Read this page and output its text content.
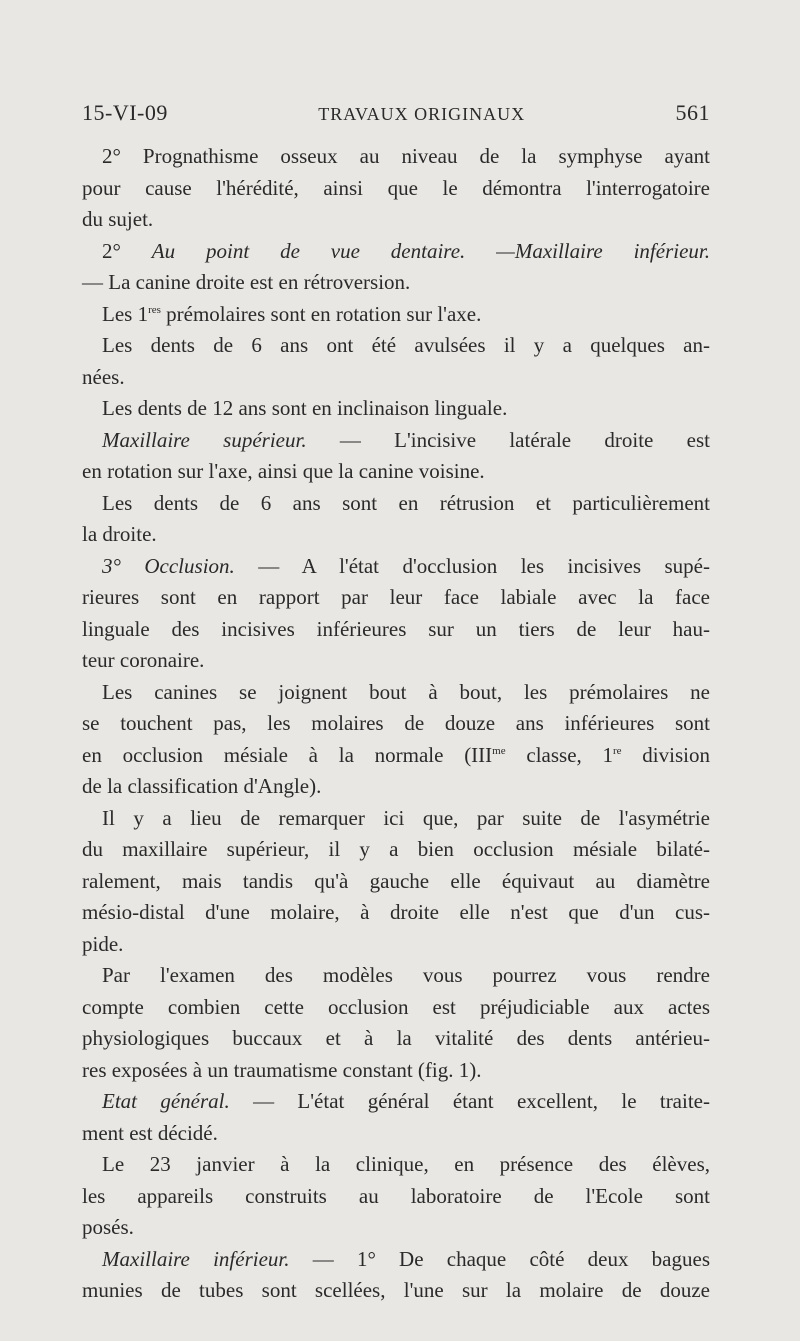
15-VI-09	TRAVAUX ORIGINAUX	561
2° Prognathisme osseux au niveau de la symphyse ayant
pour cause l'hérédité, ainsi que le démontra l'interrogatoire
du sujet.
2° Au point de vue dentaire. —Maxillaire inférieur.
— La canine droite est en rétroversion.
Les 1res prémolaires sont en rotation sur l'axe.
Les dents de 6 ans ont été avulsées il y a quelques an-
nées.
Les dents de 12 ans sont en inclinaison linguale.
Maxillaire supérieur. — L'incisive latérale droite est
en rotation sur l'axe, ainsi que la canine voisine.
Les dents de 6 ans sont en rétrusion et particulièrement
la droite.
3° Occlusion. — A l'état d'occlusion les incisives supé-
rieures sont en rapport par leur face labiale avec la face
linguale des incisives inférieures sur un tiers de leur hau-
teur coronaire.
Les canines se joignent bout à bout, les prémolaires ne
se touchent pas, les molaires de douze ans inférieures sont
en occlusion mésiale à la normale ($III^{me}$ classe, 1re division
de la classification d'Angle).
Il y a lieu de remarquer ici que, par suite de l'asymétrie
du maxillaire supérieur, il y a bien occlusion mésiale bilaté-
ralement, mais tandis qu'à gauche elle équivaut au diamètre
mésio-distal d'une molaire, à droite elle n'est que d'un cus-
pide.
Par l'examen des modèles vous pourrez vous rendre
compte combien cette occlusion est préjudiciable aux actes
physiologiques buccaux et à la vitalité des dents antérieu-
res exposées à un traumatisme constant (fig. 1).
Etat général. — L'état général étant excellent, le traite-
ment est décidé.
Le 23 janvier à la clinique, en présence des élèves,
les appareils construits au laboratoire de l'Ecole sont
posés.
Maxillaire inférieur. — 1° De chaque côté deux bagues
munies de tubes sont scellées, l'une sur la molaire de douze
